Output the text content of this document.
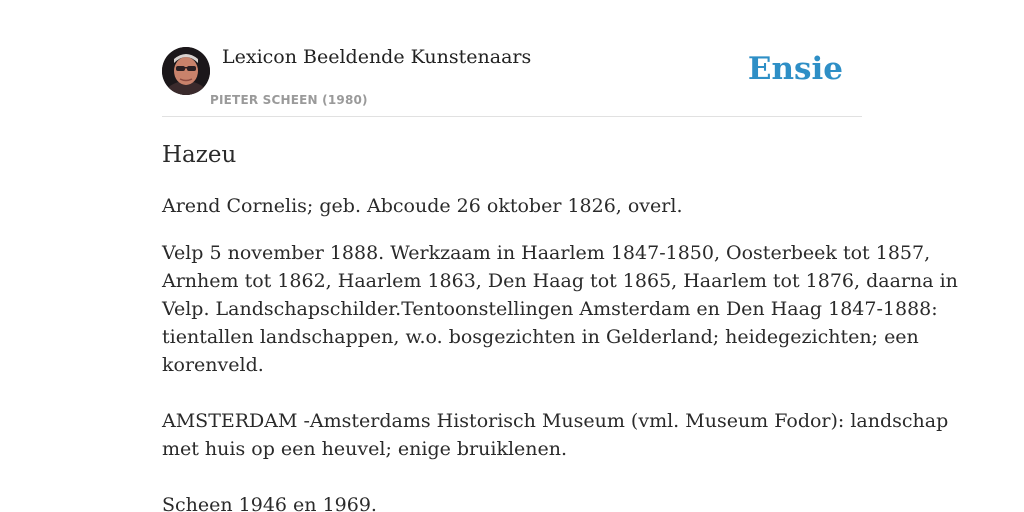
Lexicon Beeldende Kunstenaars
PIETER SCHEEN (1980)
Ensie
Hazeu

Arend Cornelis; geb. Abcoude 26 oktober 1826, overl.

Velp 5 november 1888. Werkzaam in Haarlem 1847-1850, Oosterbeek tot 1857,
Arnhem tot 1862, Haarlem 1863, Den Haag tot 1865, Haarlem tot 1876, daarna in
Velp. Landschapschilder.Tentoonstellingen Amsterdam en Den Haag 1847-1888:
tientallen landschappen, w.o. bosgezichten in Gelderland; heidegezichten; een
korenveld.

AMSTERDAM -Amsterdams Historisch Museum (vml. Museum Fodor): landschap
met huis op een heuvel; enige bruiklenen.

Scheen 1946 en 1969.
